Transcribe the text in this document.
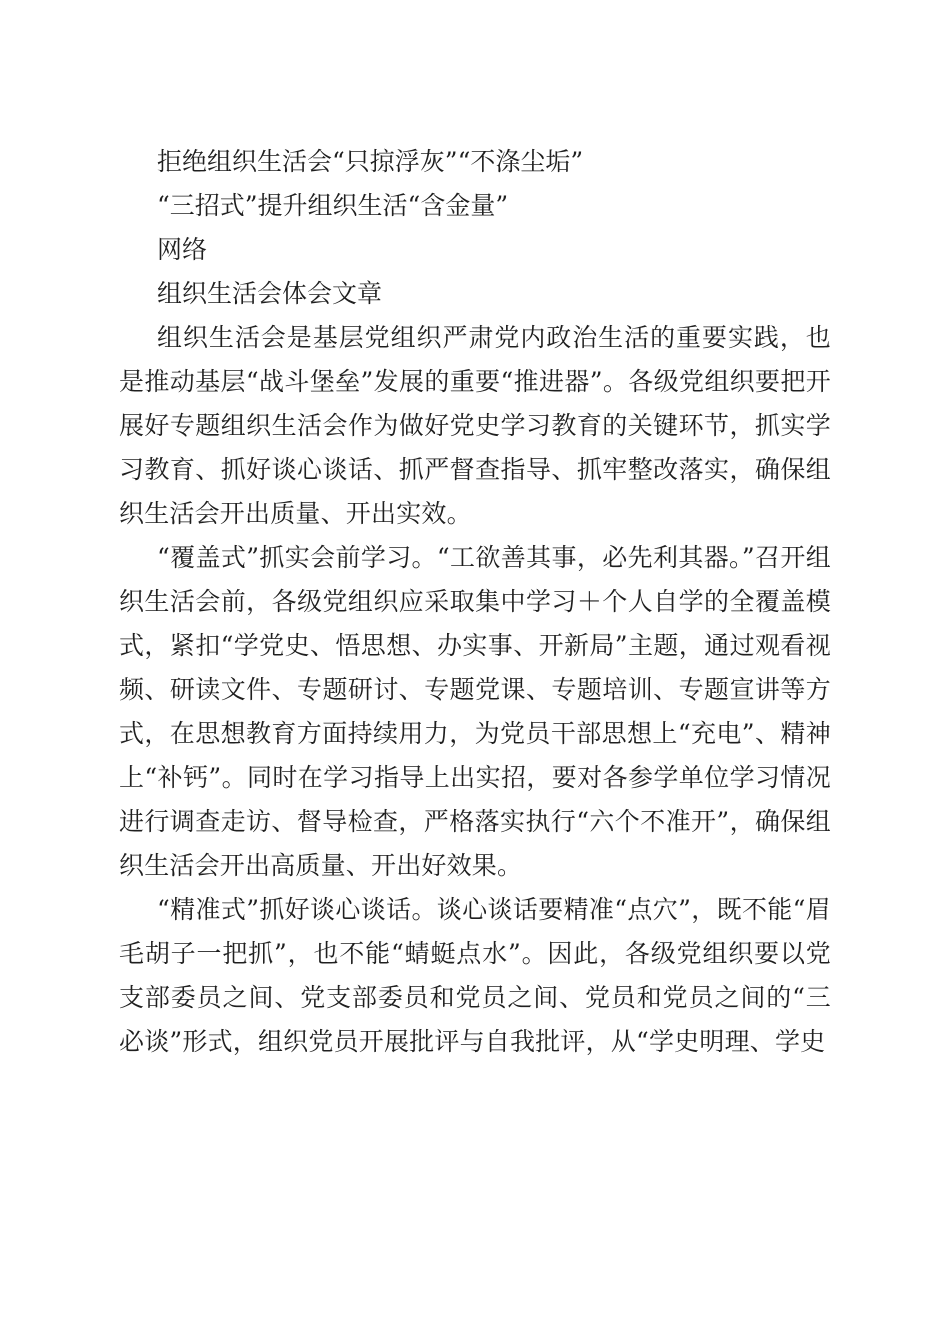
拒绝组织生活会“只掠浮灰”“不涤尘垢”

“三招式”提升组织生活“含金量”

网络

组织生活会体会文章

组织生活会是基层党组织严肃党内政治生活的重要实践，也是推动基层“战斗堡垒”发展的重要“推进器”。各级党组织要把开展好专题组织生活会作为做好党史学习教育的关键环节，抓实学习教育、抓好谈心谈话、抓严督查指导、抓牢整改落实，确保组织生活会开出质量、开出实效。

“覆盖式”抓实会前学习。“工欲善其事，必先利其器。”召开组织生活会前，各级党组织应采取集中学习＋个人自学的全覆盖模式，紧扣“学党史、悟思想、办实事、开新局”主题，通过观看视频、研读文件、专题研讨、专题党课、专题培训、专题宣讲等方式，在思想教育方面持续用力，为党员干部思想上“充电”、精神上“补钙”。同时在学习指导上出实招，要对各参学单位学习情况进行调查走访、督导检查，严格落实执行“六个不准开”，确保组织生活会开出高质量、开出好效果。

“精准式”抓好谈心谈话。谈心谈话要精准“点穴”，既不能“眉毛胡子一把抓”，也不能“蜻蜓点水”。因此，各级党组织要以党支部委员之间、党支部委员和党员之间、党员和党员之间的“三必谈”形式，组织党员开展批评与自我批评，从“学史明理、学史
